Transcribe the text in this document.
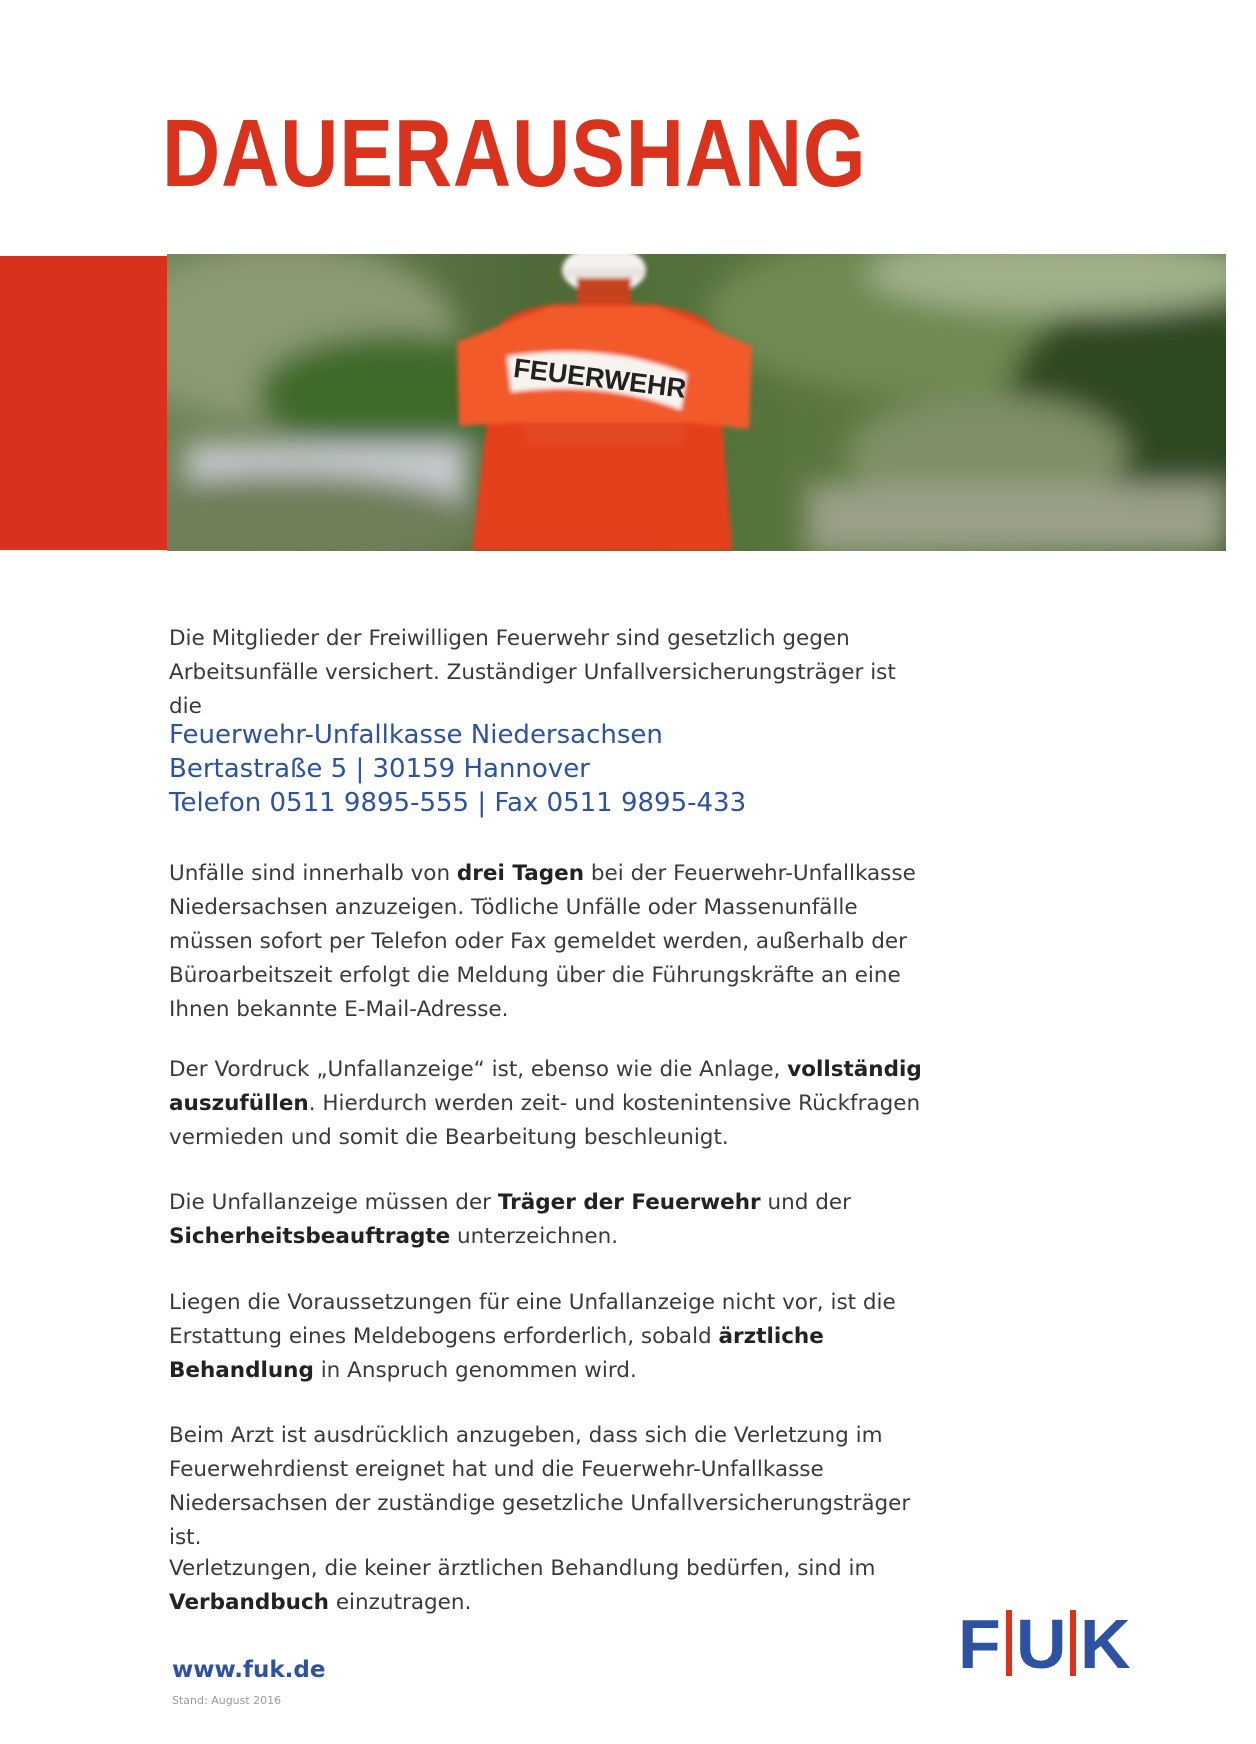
DAUERAUSHANG
FEUERWEHR

Die Mitglieder der Freiwilligen Feuerwehr sind gesetzlich gegen Arbeitsunfälle versichert. Zuständiger Unfallversicherungsträger ist die

Feuerwehr-Unfallkasse Niedersachsen
Bertastraße 5 | 30159 Hannover
Telefon 0511 9895-555 | Fax 0511 9895-433

Unfälle sind innerhalb von drei Tagen bei der Feuerwehr-Unfallkasse Niedersachsen anzuzeigen. Tödliche Unfälle oder Massenunfälle müssen sofort per Telefon oder Fax gemeldet werden, außerhalb der Büroarbeitszeit erfolgt die Meldung über die Führungskräfte an eine Ihnen bekannte E-Mail-Adresse.

Der Vordruck „Unfallanzeige“ ist, ebenso wie die Anlage, vollständig auszufüllen. Hierdurch werden zeit- und kostenintensive Rückfragen vermieden und somit die Bearbeitung beschleunigt.

Die Unfallanzeige müssen der Träger der Feuerwehr und der Sicherheitsbeauftragte unterzeichnen.

Liegen die Voraussetzungen für eine Unfallanzeige nicht vor, ist die Erstattung eines Meldebogens erforderlich, sobald ärztliche Behandlung in Anspruch genommen wird.

Beim Arzt ist ausdrücklich anzugeben, dass sich die Verletzung im Feuerwehrdienst ereignet hat und die Feuerwehr-Unfallkasse Niedersachsen der zuständige gesetzliche Unfallversicherungsträger ist.

Verletzungen, die keiner ärztlichen Behandlung bedürfen, sind im Verbandbuch einzutragen.

www.fuk.de

Stand: August 2016

F U K
